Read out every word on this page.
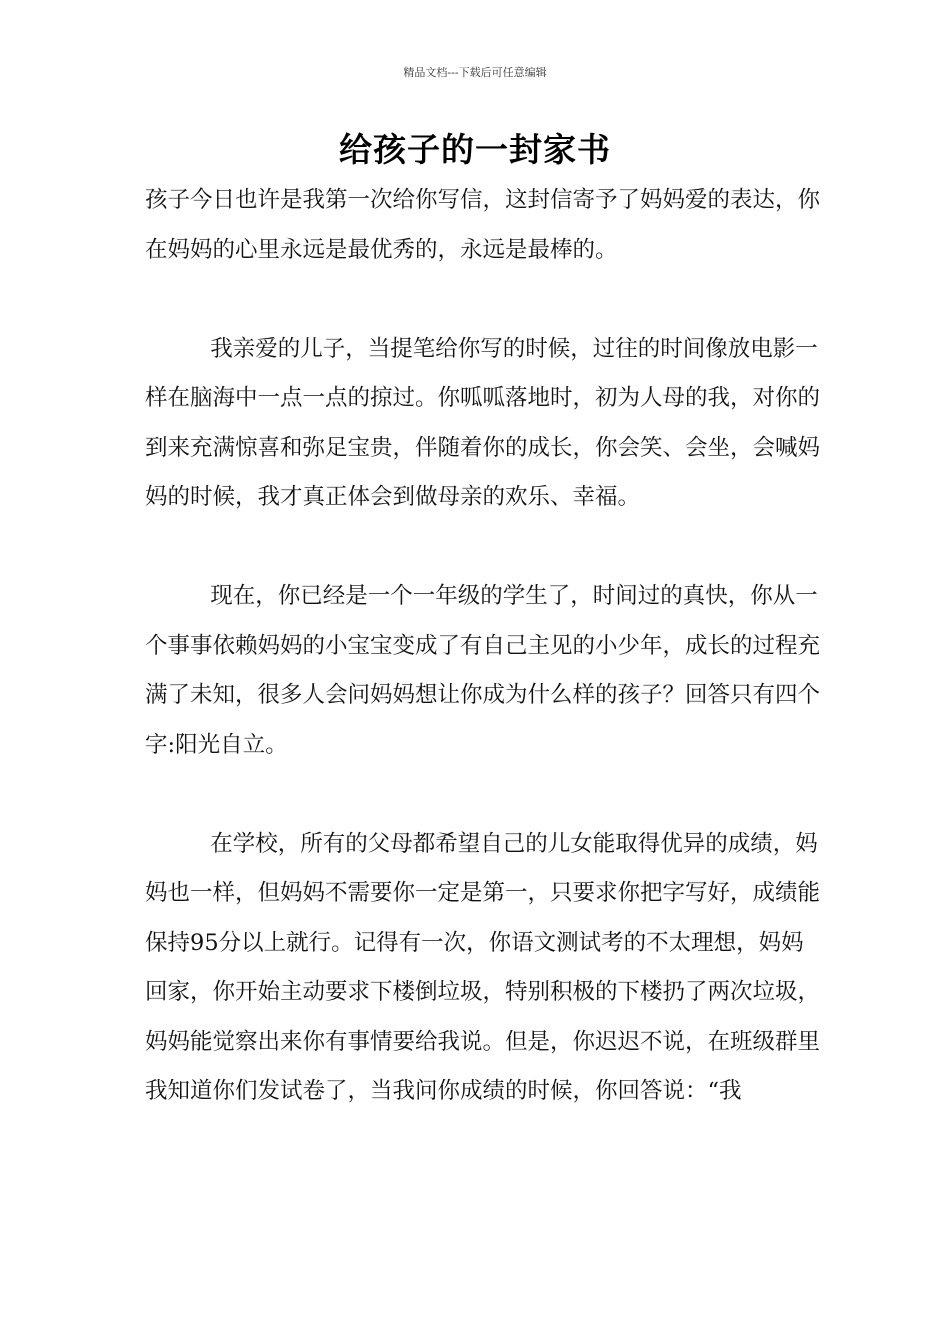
精品文档---下载后可任意编辑
给孩子的一封家书

孩子今日也许是我第一次给你写信，这封信寄予了妈妈爱的表达，你在妈妈的心里永远是最优秀的，永远是最棒的。

我亲爱的儿子，当提笔给你写的时候，过往的时间像放电影一样在脑海中一点一点的掠过。你呱呱落地时，初为人母的我，对你的到来充满惊喜和弥足宝贵，伴随着你的成长，你会笑、会坐，会喊妈妈的时候，我才真正体会到做母亲的欢乐、幸福。

现在，你已经是一个一年级的学生了，时间过的真快，你从一个事事依赖妈妈的小宝宝变成了有自己主见的小少年，成长的过程充满了未知，很多人会问妈妈想让你成为什么样的孩子？回答只有四个字:阳光自立。

在学校，所有的父母都希望自己的儿女能取得优异的成绩，妈妈也一样，但妈妈不需要你一定是第一，只要求你把字写好，成绩能保持95分以上就行。记得有一次，你语文测试考的不太理想，妈妈回家，你开始主动要求下楼倒垃圾，特别积极的下楼扔了两次垃圾，妈妈能觉察出来你有事情要给我说。但是，你迟迟不说，在班级群里我知道你们发试卷了，当我问你成绩的时候，你回答说：“我
